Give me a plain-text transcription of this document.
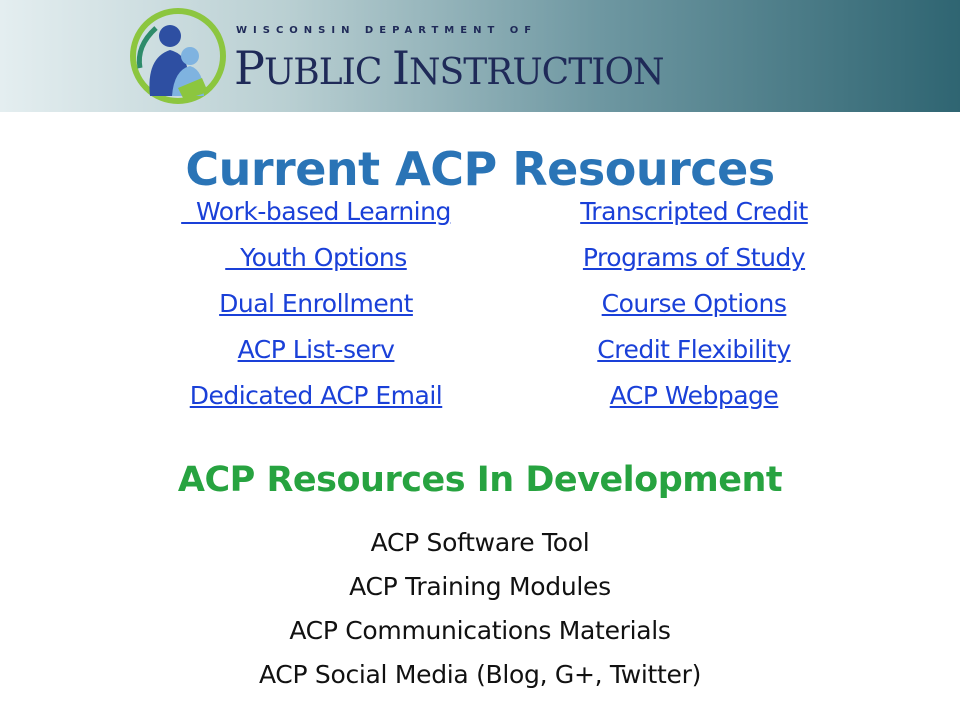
WISCONSIN DEPARTMENT OF
PUBLIC INSTRUCTION
Current ACP Resources
Work-based Learning
Youth Options
Dual Enrollment
ACP List-serv
Dedicated ACP Email
Transcripted Credit
Programs of Study
Course Options
Credit Flexibility
ACP Webpage
ACP Resources In Development
ACP Software Tool
ACP Training Modules
ACP Communications Materials
ACP Social Media (Blog, G+, Twitter)
